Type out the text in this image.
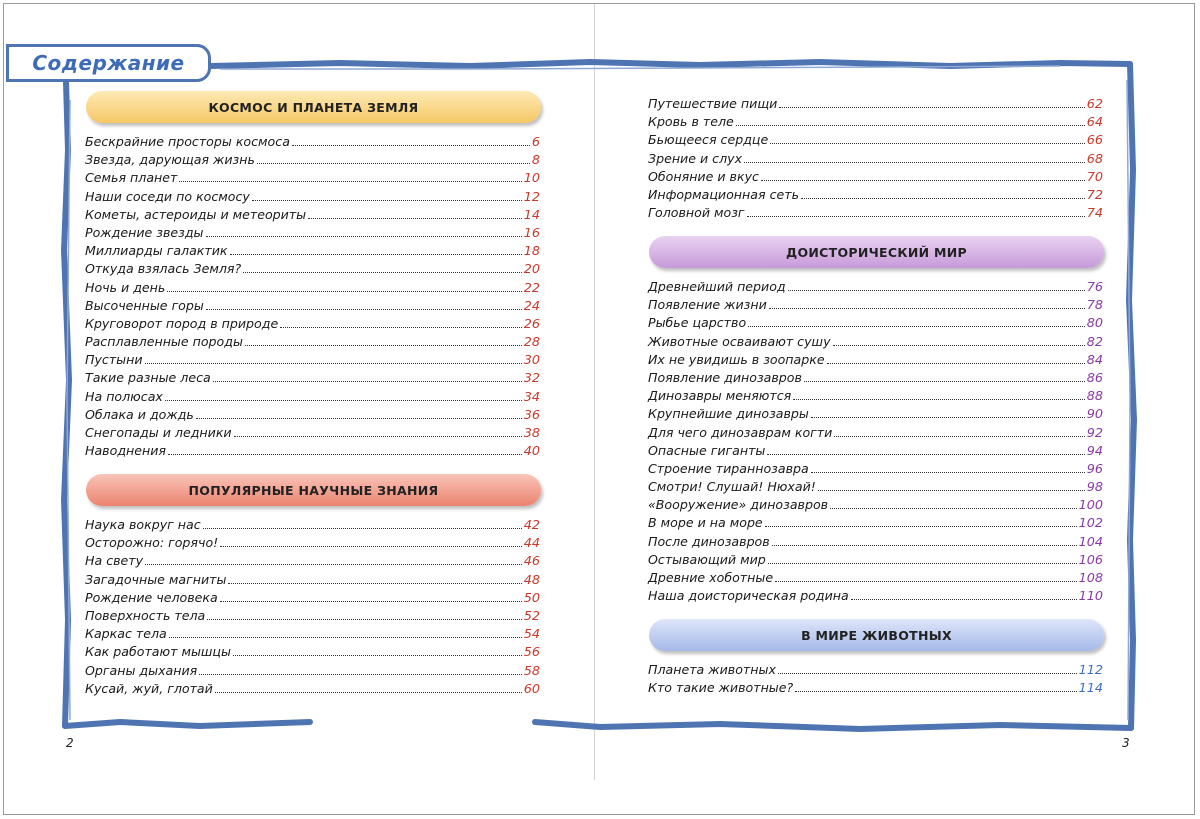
Содержание
КОСМОС И ПЛАНЕТА ЗЕМЛЯ
Бескрайние просторы космоса	6
Звезда, дарующая жизнь	8
Семья планет	10
Наши соседи по космосу	12
Кометы, астероиды и метеориты	14
Рождение звезды	16
Миллиарды галактик	18
Откуда взялась Земля?	20
Ночь и день	22
Высоченные горы	24
Круговорот пород в природе	26
Расплавленные породы	28
Пустыни	30
Такие разные леса	32
На полюсах	34
Облака и дождь	36
Снегопады и ледники	38
Наводнения	40
ПОПУЛЯРНЫЕ НАУЧНЫЕ ЗНАНИЯ
Наука вокруг нас	42
Осторожно: горячо!	44
На свету	46
Загадочные магниты	48
Рождение человека	50
Поверхность тела	52
Каркас тела	54
Как работают мышцы	56
Органы дыхания	58
Кусай, жуй, глотай	60
2
Путешествие пищи	62
Кровь в теле	64
Бьющееся сердце	66
Зрение и слух	68
Обоняние и вкус	70
Информационная сеть	72
Головной мозг	74
ДОИСТОРИЧЕСКИЙ МИР
Древнейший период	76
Появление жизни	78
Рыбье царство	80
Животные осваивают сушу	82
Их не увидишь в зоопарке	84
Появление динозавров	86
Динозавры меняются	88
Крупнейшие динозавры	90
Для чего динозаврам когти	92
Опасные гиганты	94
Строение тираннозавра	96
Смотри! Слушай! Нюхай!	98
«Вооружение» динозавров	100
В море и на море	102
После динозавров	104
Остывающий мир	106
Древние хоботные	108
Наша доисторическая родина	110
В МИРЕ ЖИВОТНЫХ
Планета животных	112
Кто такие животные?	114
3
